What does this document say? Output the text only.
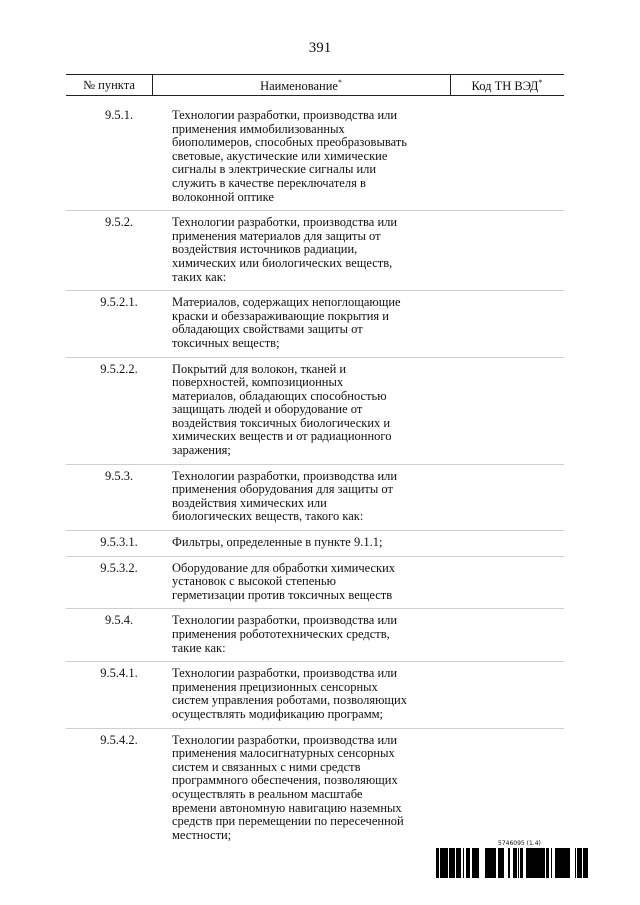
391
№ пункта	Наименование*	Код ТН ВЭД*
9.5.1.	Технологии разработки, производства или применения иммобилизованных биополимеров, способных преобразовывать световые, акустические или химические сигналы в электрические сигналы или служить в качестве переключателя в волоконной оптике
9.5.2.	Технологии разработки, производства или применения материалов для защиты от воздействия источников радиации, химических или биологических веществ, таких как:
9.5.2.1.	Материалов, содержащих непоглощающие краски и обеззараживающие покрытия и обладающих свойствами защиты от токсичных веществ;
9.5.2.2.	Покрытий для волокон, тканей и поверхностей, композиционных материалов, обладающих способностью защищать людей и оборудование от воздействия токсичных биологических и химических веществ и от радиационного заражения;
9.5.3.	Технологии разработки, производства или применения оборудования для защиты от воздействия химических или биологических веществ, такого как:
9.5.3.1.	Фильтры, определенные в пункте 9.1.1;
9.5.3.2.	Оборудование для обработки химических установок с высокой степенью герметизации против токсичных веществ
9.5.4.	Технологии разработки, производства или применения робототехнических средств, такие как:
9.5.4.1.	Технологии разработки, производства или применения прецизионных сенсорных систем управления роботами, позволяющих осуществлять модификацию программ;
9.5.4.2.	Технологии разработки, производства или применения малосигнатурных сенсорных систем и связанных с ними средств программного обеспечения, позволяющих осуществлять в реальном масштабе времени автономную навигацию наземных средств при перемещении по пересеченной местности;
5746095 (1.4)
